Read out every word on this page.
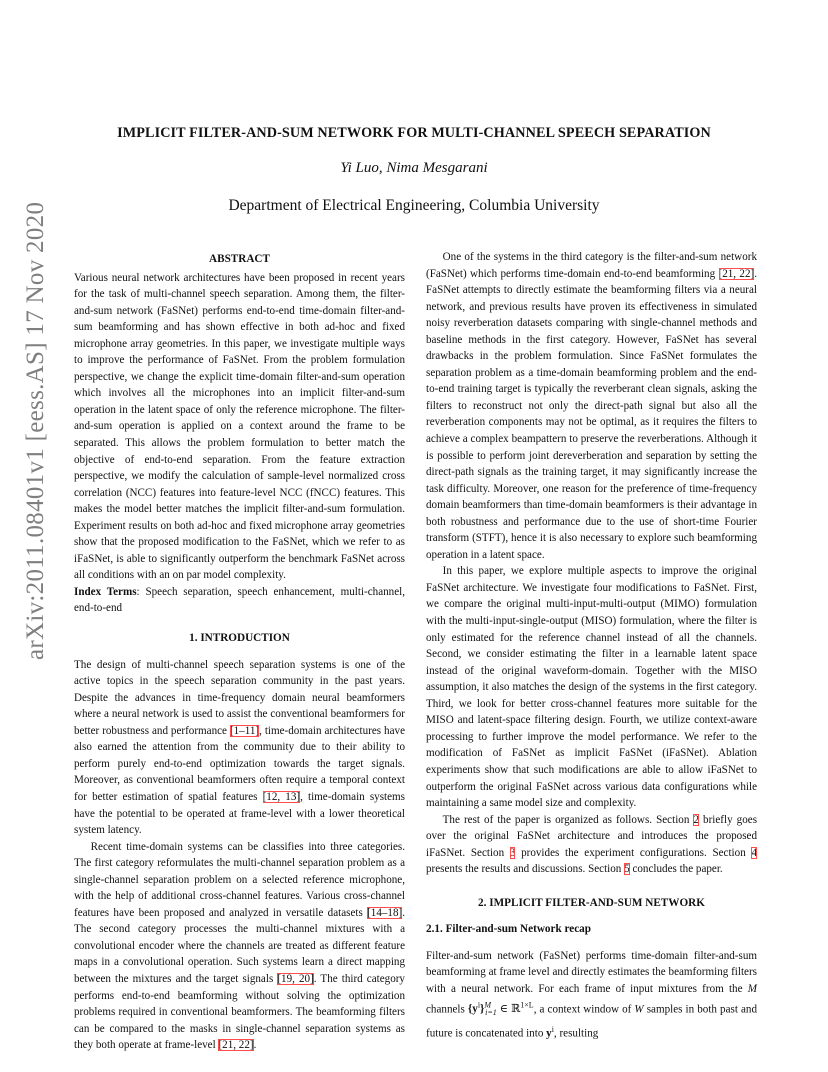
IMPLICIT FILTER-AND-SUM NETWORK FOR MULTI-CHANNEL SPEECH SEPARATION
Yi Luo, Nima Mesgarani
Department of Electrical Engineering, Columbia University
arXiv:2011.08401v1 [eess.AS] 17 Nov 2020	ABSTRACT

Various neural network architectures have been proposed in recent years for the task of multi-channel speech separation. Among them, the filter-and-sum network (FaSNet) performs end-to-end time-domain filter-and-sum beamforming and has shown effective in both ad-hoc and fixed microphone array geometries. In this paper, we investigate multiple ways to improve the performance of FaSNet. From the problem formulation perspective, we change the explicit time-domain filter-and-sum operation which involves all the microphones into an implicit filter-and-sum operation in the latent space of only the reference microphone. The filter-and-sum operation is applied on a context around the frame to be separated. This allows the problem formulation to better match the objective of end-to-end separation. From the feature extraction perspective, we modify the calculation of sample-level normalized cross correlation (NCC) features into feature-level NCC (fNCC) features. This makes the model better matches the implicit filter-and-sum formulation. Experiment results on both ad-hoc and fixed microphone array geometries show that the proposed modification to the FaSNet, which we refer to as iFaSNet, is able to significantly outperform the benchmark FaSNet across all conditions with an on par model complexity.

Index Terms: Speech separation, speech enhancement, multi-channel, end-to-end

1. INTRODUCTION

The design of multi-channel speech separation systems is one of the active topics in the speech separation community in the past years. Despite the advances in time-frequency domain neural beamformers where a neural network is used to assist the conventional beamformers for better robustness and performance [1–11], time-domain architectures have also earned the attention from the community due to their ability to perform purely end-to-end optimization towards the target signals. Moreover, as conventional beamformers often require a temporal context for better estimation of spatial features [12, 13], time-domain systems have the potential to be operated at frame-level with a lower theoretical system latency.

Recent time-domain systems can be classifies into three categories. The first category reformulates the multi-channel separation problem as a single-channel separation problem on a selected reference microphone, with the help of additional cross-channel features. Various cross-channel features have been proposed and analyzed in versatile datasets [14–18]. The second category processes the multi-channel mixtures with a convolutional encoder where the channels are treated as different feature maps in a convolutional operation. Such systems learn a direct mapping between the mixtures and the target signals [19, 20]. The third category performs end-to-end beamforming without solving the optimization problems required in conventional beamformers. The beamforming filters can be compared to the masks in single-channel separation systems as they both operate at frame-level [21, 22].

One of the systems in the third category is the filter-and-sum network (FaSNet) which performs time-domain end-to-end beamforming [21, 22]. FaSNet attempts to directly estimate the beamforming filters via a neural network, and previous results have proven its effectiveness in simulated noisy reverberation datasets comparing with single-channel methods and baseline methods in the first category. However, FaSNet has several drawbacks in the problem formulation. Since FaSNet formulates the separation problem as a time-domain beamforming problem and the end-to-end training target is typically the reverberant clean signals, asking the filters to reconstruct not only the direct-path signal but also all the reverberation components may not be optimal, as it requires the filters to achieve a complex beampattern to preserve the reverberations. Although it is possible to perform joint dereverberation and separation by setting the direct-path signals as the training target, it may significantly increase the task difficulty. Moreover, one reason for the preference of time-frequency domain beamformers than time-domain beamformers is their advantage in both robustness and performance due to the use of short-time Fourier transform (STFT), hence it is also necessary to explore such beamforming operation in a latent space.

In this paper, we explore multiple aspects to improve the original FaSNet architecture. We investigate four modifications to FaSNet. First, we compare the original multi-input-multi-output (MIMO) formulation with the multi-input-single-output (MISO) formulation, where the filter is only estimated for the reference channel instead of all the channels. Second, we consider estimating the filter in a learnable latent space instead of the original waveform-domain. Together with the MISO assumption, it also matches the design of the systems in the first category. Third, we look for better cross-channel features more suitable for the MISO and latent-space filtering design. Fourth, we utilize context-aware processing to further improve the model performance. We refer to the modification of FaSNet as implicit FaSNet (iFaSNet). Ablation experiments show that such modifications are able to allow iFaSNet to outperform the original FaSNet across various data configurations while maintaining a same model size and complexity.

The rest of the paper is organized as follows. Section 2 briefly goes over the original FaSNet architecture and introduces the proposed iFaSNet. Section 3 provides the experiment configurations. Section 4 presents the results and discussions. Section 5 concludes the paper.

2. IMPLICIT FILTER-AND-SUM NETWORK
2.1. Filter-and-sum Network recap

Filter-and-sum network (FaSNet) performs time-domain filter-and-sum beamforming at frame level and directly estimates the beamforming filters with a neural network. For each frame of input mixtures from the M channels $\{y^i\}^M_{i=1}$ ∈ ℝ$^{1\times L}$, a context window of W samples in both past and future is concatenated into $y^i$, resulting
